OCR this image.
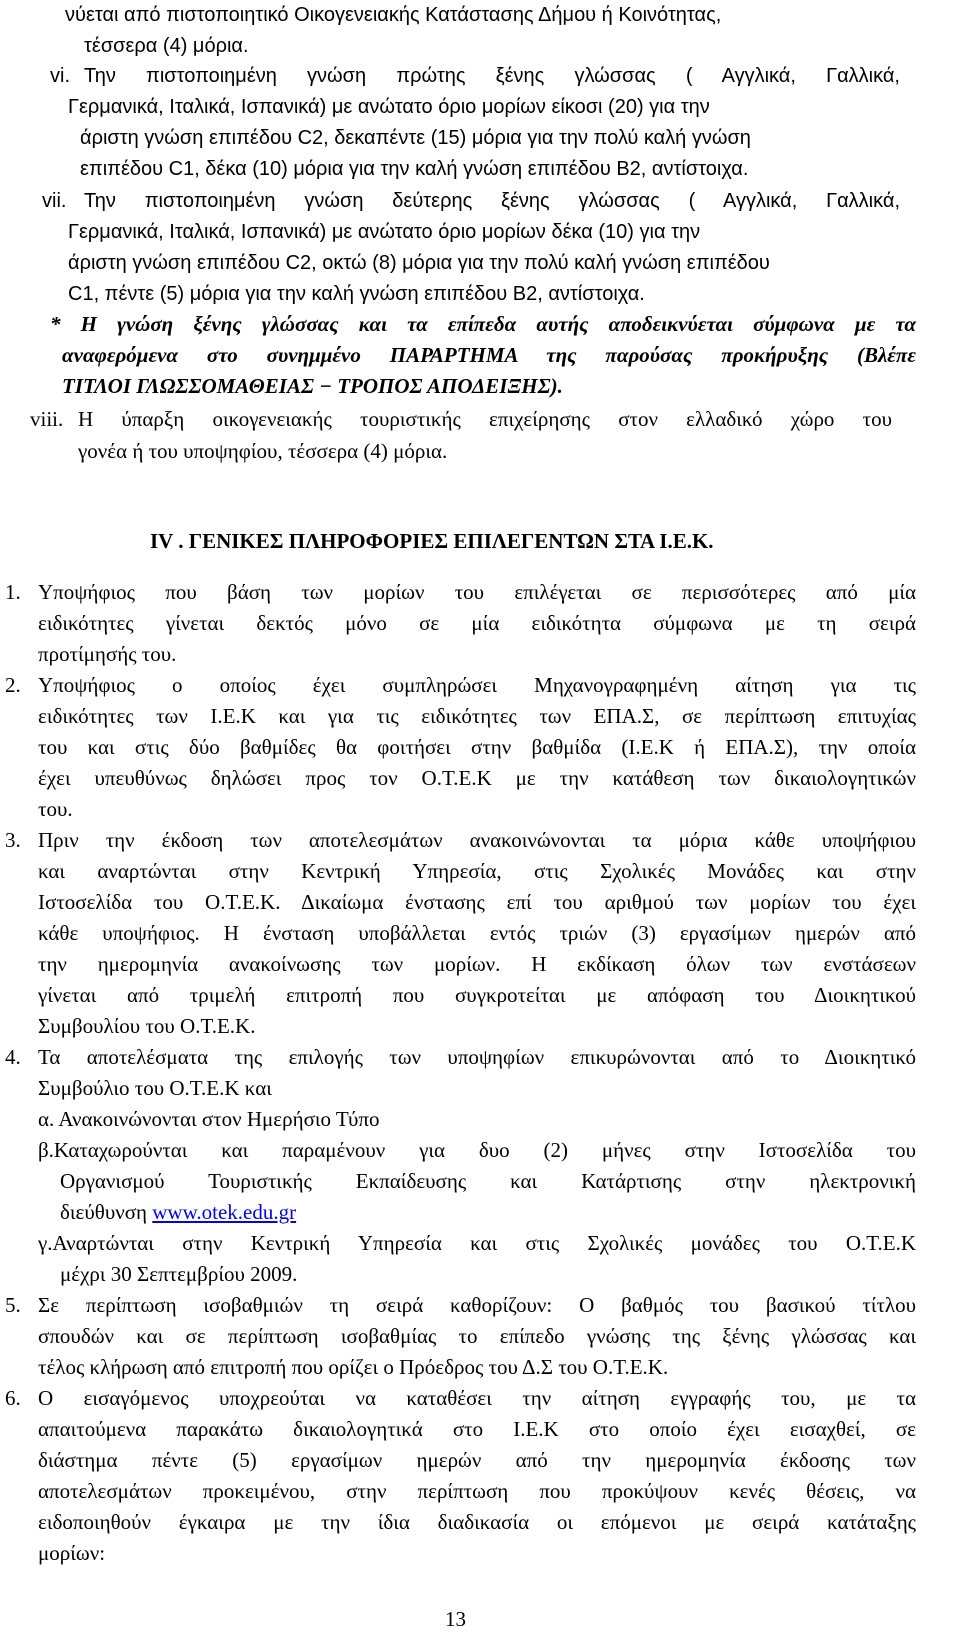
νύεται από πιστοποιητικό Οικογενειακής Κατάστασης Δήμου ή Κοινότητας,
τέσσερα (4) μόρια.
vi. Την πιστοποιημένη γνώση πρώτης ξένης γλώσσας ( Αγγλικά, Γαλλικά,
Γερμανικά, Ιταλικά, Ισπανικά) με ανώτατο όριο μορίων είκοσι (20) για την
άριστη γνώση επιπέδου C2, δεκαπέντε (15) μόρια για την πολύ καλή γνώση
επιπέδου C1, δέκα (10) μόρια για την καλή γνώση επιπέδου Β2, αντίστοιχα.
vii. Την πιστοποιημένη γνώση δεύτερης ξένης γλώσσας ( Αγγλικά, Γαλλικά,
Γερμανικά, Ιταλικά, Ισπανικά) με ανώτατο όριο μορίων δέκα (10) για την
άριστη γνώση επιπέδου C2, οκτώ (8) μόρια για την πολύ καλή γνώση επιπέδου
C1, πέντε (5) μόρια για την καλή γνώση επιπέδου Β2, αντίστοιχα.
* Η γνώση ξένης γλώσσας και τα επίπεδα αυτής αποδεικνύεται σύμφωνα με τα
αναφερόμενα στο συνημμένο ΠΑΡΑΡΤΗΜΑ της παρούσας προκήρυξης (Βλέπε
ΤΙΤΛΟΙ ΓΛΩΣΣΟΜΑΘΕΙΑΣ − ΤΡΟΠΟΣ ΑΠΟΔΕΙΞΗΣ).
viii. Η ύπαρξη οικογενειακής τουριστικής επιχείρησης στον ελλαδικό χώρο του
γονέα ή του υποψηφίου, τέσσερα (4) μόρια.
IV . ΓΕΝΙΚΕΣ ΠΛΗΡΟΦΟΡΙΕΣ ΕΠΙΛΕΓΕΝΤΩΝ ΣΤΑ Ι.Ε.Κ.
1. Υποψήφιος που βάση των μορίων του επιλέγεται σε περισσότερες από μία
ειδικότητες γίνεται δεκτός μόνο σε μία ειδικότητα σύμφωνα με τη σειρά
προτίμησής του.
2. Υποψήφιος ο οποίος έχει συμπληρώσει Μηχανογραφημένη αίτηση για τις
ειδικότητες των Ι.Ε.Κ και για τις ειδικότητες των ΕΠΑ.Σ, σε περίπτωση επιτυχίας
του και στις δύο βαθμίδες θα φοιτήσει στην βαθμίδα (Ι.Ε.Κ ή ΕΠΑ.Σ), την οποία
έχει υπευθύνως δηλώσει προς τον Ο.Τ.Ε.Κ με την κατάθεση των δικαιολογητικών
του.
3. Πριν την έκδοση των αποτελεσμάτων ανακοινώνονται τα μόρια κάθε υποψήφιου
και αναρτώνται στην Κεντρική Υπηρεσία, στις Σχολικές Μονάδες και στην
Ιστοσελίδα του Ο.Τ.Ε.Κ. Δικαίωμα ένστασης επί του αριθμού των μορίων του έχει
κάθε υποψήφιος. Η ένσταση υποβάλλεται εντός τριών (3) εργασίμων ημερών από
την ημερομηνία ανακοίνωσης των μορίων. Η εκδίκαση όλων των ενστάσεων
γίνεται από τριμελή επιτροπή που συγκροτείται με απόφαση του Διοικητικού
Συμβουλίου του Ο.Τ.Ε.Κ.
4. Τα αποτελέσματα της επιλογής των υποψηφίων επικυρώνονται από το Διοικητικό
Συμβούλιο του Ο.Τ.Ε.Κ και
α. Ανακοινώνονται στον Ημερήσιο Τύπο
β.Καταχωρούνται και παραμένουν για δυο (2) μήνες στην Ιστοσελίδα του
Οργανισμού Τουριστικής Εκπαίδευσης και Κατάρτισης στην ηλεκτρονική
διεύθυνση www.otek.edu.gr
γ.Αναρτώνται στην Κεντρική Υπηρεσία και στις Σχολικές μονάδες του Ο.Τ.Ε.Κ
μέχρι 30 Σεπτεμβρίου 2009.
5. Σε περίπτωση ισοβαθμιών τη σειρά καθορίζουν: Ο βαθμός του βασικού τίτλου
σπουδών και σε περίπτωση ισοβαθμίας το επίπεδο γνώσης της ξένης γλώσσας και
τέλος κλήρωση από επιτροπή που ορίζει ο Πρόεδρος του Δ.Σ του Ο.Τ.Ε.Κ.
6. Ο εισαγόμενος υποχρεούται να καταθέσει την αίτηση εγγραφής του, με τα
απαιτούμενα παρακάτω δικαιολογητικά στο Ι.Ε.Κ στο οποίο έχει εισαχθεί, σε
διάστημα πέντε (5) εργασίμων ημερών από την ημερομηνία έκδοσης των
αποτελεσμάτων προκειμένου, στην περίπτωση που προκύψουν κενές θέσεις, να
ειδοποιηθούν έγκαιρα με την ίδια διαδικασία οι επόμενοι με σειρά κατάταξης
μορίων:
13
